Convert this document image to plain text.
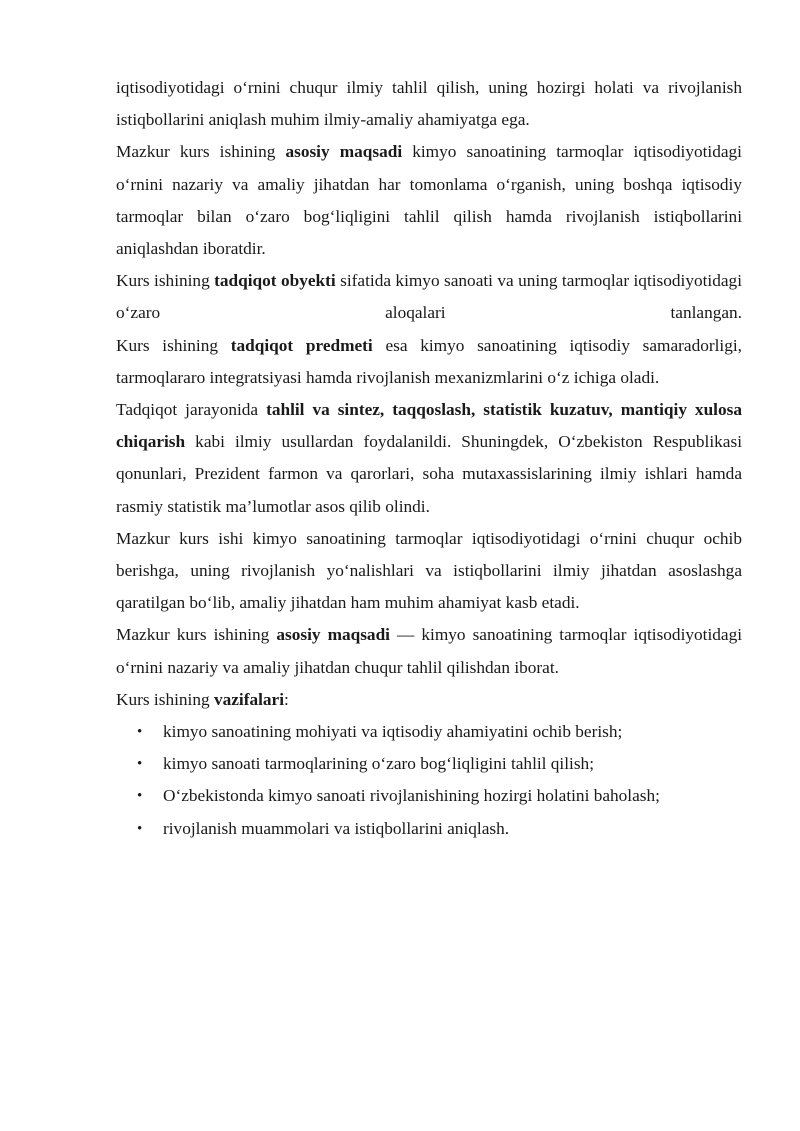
iqtisodiyotidagi o‘rnini chuqur ilmiy tahlil qilish, uning hozirgi holati va rivojlanish istiqbollarini aniqlash muhim ilmiy-amaliy ahamiyatga ega.

Mazkur kurs ishining asosiy maqsadi kimyo sanoatining tarmoqlar iqtisodiyotidagi o‘rnini nazariy va amaliy jihatdan har tomonlama o‘rganish, uning boshqa iqtisodiy tarmoqlar bilan o‘zaro bog‘liqligini tahlil qilish hamda rivojlanish istiqbollarini aniqlashdan iboratdir.

Kurs ishining tadqiqot obyekti sifatida kimyo sanoati va uning tarmoqlar iqtisodiyotidagi o‘zaro aloqalari tanlangan.

Kurs ishining tadqiqot predmeti esa kimyo sanoatining iqtisodiy samaradorligi, tarmoqlararo integratsiyasi hamda rivojlanish mexanizmlarini o‘z ichiga oladi.

Tadqiqot jarayonida tahlil va sintez, taqqoslash, statistik kuzatuv, mantiqiy xulosa chiqarish kabi ilmiy usullardan foydalanildi. Shuningdek, O‘zbekiston Respublikasi qonunlari, Prezident farmon va qarorlari, soha mutaxassislarining ilmiy ishlari hamda rasmiy statistik ma’lumotlar asos qilib olindi.

Mazkur kurs ishi kimyo sanoatining tarmoqlar iqtisodiyotidagi o‘rnini chuqur ochib berishga, uning rivojlanish yo‘nalishlari va istiqbollarini ilmiy jihatdan asoslashga qaratilgan bo‘lib, amaliy jihatdan ham muhim ahamiyat kasb etadi.

Mazkur kurs ishining asosiy maqsadi — kimyo sanoatining tarmoqlar iqtisodiyotidagi o‘rnini nazariy va amaliy jihatdan chuqur tahlil qilishdan iborat.

Kurs ishining vazifalari:

• kimyo sanoatining mohiyati va iqtisodiy ahamiyatini ochib berish;
• kimyo sanoati tarmoqlarining o‘zaro bog‘liqligini tahlil qilish;
• O‘zbekistonda kimyo sanoati rivojlanishining hozirgi holatini baholash;
• rivojlanish muammolari va istiqbollarini aniqlash.
